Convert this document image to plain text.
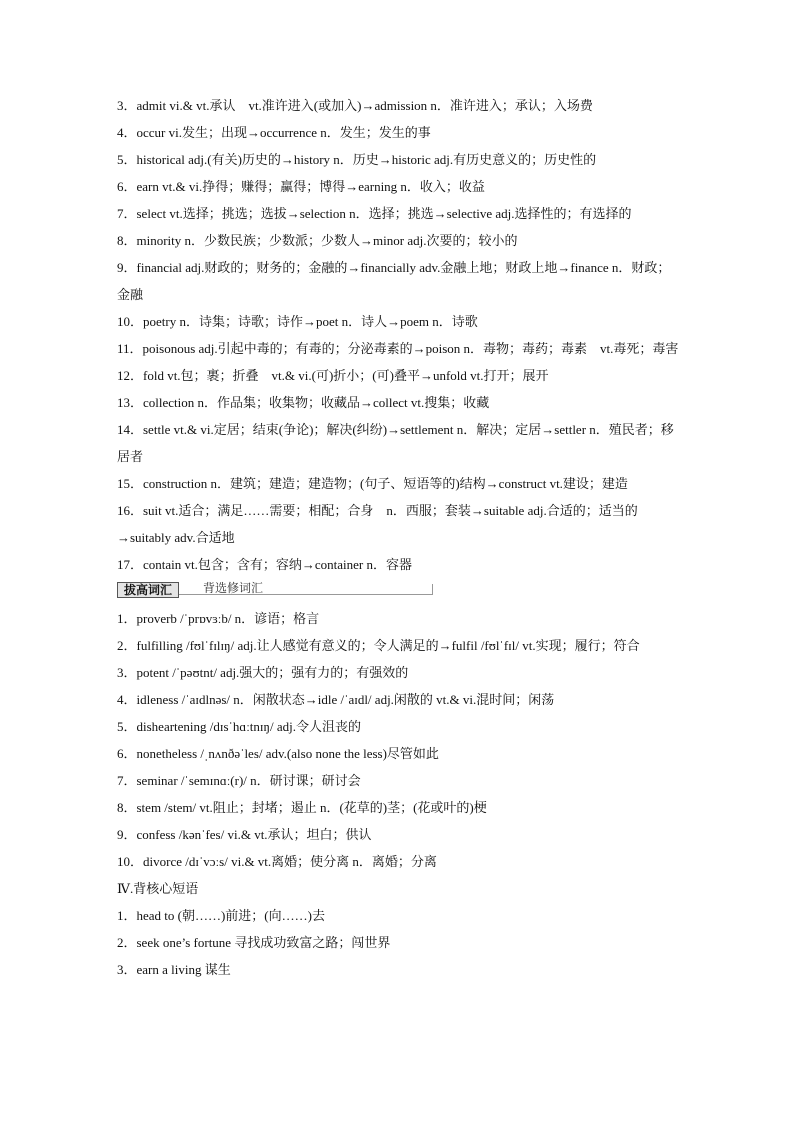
3．admit vi.& vt.承认　vt.准许进入(或加入)→admission n．准许进入；承认；入场费
4．occur vi.发生；出现→occurrence n．发生；发生的事
5．historical adj.(有关)历史的→history n．历史→historic adj.有历史意义的；历史性的
6．earn vt.& vi.挣得；赚得；赢得；博得→earning n．收入；收益
7．select vt.选择；挑选；选拔→selection n．选择；挑选→selective adj.选择性的；有选择的
8．minority n．少数民族；少数派；少数人→minor adj.次要的；较小的
9．financial adj.财政的；财务的；金融的→financially adv.金融上地；财政上地→finance n．财政；金融
10．poetry n．诗集；诗歌；诗作→poet n．诗人→poem n．诗歌
11．poisonous adj.引起中毒的；有毒的；分泌毒素的→poison n．毒物；毒药；毒素　vt.毒死；毒害
12．fold vt.包；裹；折叠　vt.& vi.(可)折小；(可)叠平→unfold vt.打开；展开
13．collection n．作品集；收集物；收藏品→collect vt.搜集；收藏
14．settle vt.& vi.定居；结束(争论)；解决(纠纷)→settlement n．解决；定居→settler n．殖民者；移居者
15．construction n．建筑；建造；建造物；(句子、短语等的)结构→construct vt.建设；建造
16．suit vt.适合；满足……需要；相配；合身　n．西服；套装→suitable adj.合适的；适当的→suitably adv.合适地
17．contain vt.包含；含有；容纳→container n．容器
拔高词汇	背选修词汇
1．proverb /ˈprɒvɜːb/ n．谚语；格言
2．fulfilling /fʊlˈfɪlɪŋ/ adj.让人感觉有意义的；令人满足的→fulfil /fʊlˈfɪl/ vt.实现；履行；符合
3．potent /ˈpəʊtnt/ adj.强大的；强有力的；有强效的
4．idleness /ˈaɪdlnəs/ n．闲散状态→idle /ˈaɪdl/ adj.闲散的 vt.& vi.混时间；闲荡
5．disheartening /dɪsˈhɑːtnɪŋ/ adj.令人沮丧的
6．nonetheless /ˌnʌnðəˈles/ adv.(also none the less)尽管如此
7．seminar /ˈsemɪnɑː(r)/ n．研讨课；研讨会
8．stem /stem/ vt.阻止；封堵；遏止 n．(花草的)茎；(花或叶的)梗
9．confess /kənˈfes/ vi.& vt.承认；坦白；供认
10．divorce /dɪˈvɔːs/ vi.& vt.离婚；使分离 n．离婚；分离
Ⅳ.背核心短语
1．head to (朝……)前进；(向……)去
2．seek one’s fortune 寻找成功致富之路；闯世界
3．earn a living 谋生
